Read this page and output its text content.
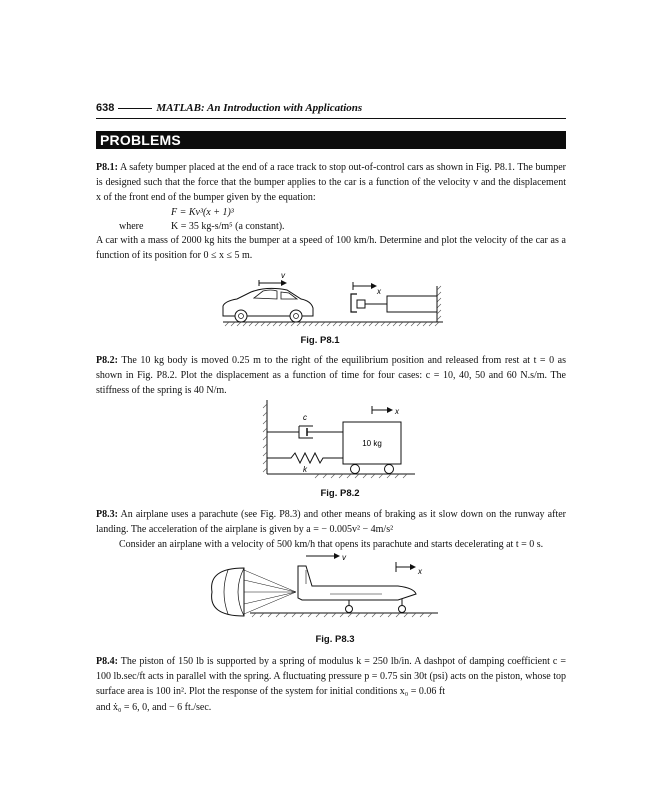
638	MATLAB: An Introduction with Applications
PROBLEMS
P8.1: A safety bumper placed at the end of a race track to stop out-of-control cars as shown in Fig. P8.1. The bumper is designed such that the force that the bumper applies to the car is a function of the velocity v and the displacement x of the front end of the bumper given by the equation:
F = Kv³(x + 1)³
where	K = 35 kg-s/m⁵ (a constant).
A car with a mass of 2000 kg hits the bumper at a speed of 100 km/h. Determine and plot the velocity of the car as a function of its position for 0 ≤ x ≤ 5 m.
v
x
Fig. P8.1
P8.2: The 10 kg body is moved 0.25 m to the right of the equilibrium position and released from rest at t = 0 as shown in Fig. P8.2. Plot the displacement as a function of time for four cases: c = 10, 40, 50 and 60 N.s/m. The stiffness of the spring is 40 N/m.
c
k
10 kg
x
Fig. P8.2
P8.3: An airplane uses a parachute (see Fig. P8.3) and other means of braking as it slow down on the runway after landing. The acceleration of the airplane is given by a = − 0.005v² − 4m/s²
Consider an airplane with a velocity of 500 km/h that opens its parachute and starts decelerating at t = 0 s.
v
x
Fig. P8.3
P8.4: The piston of 150 lb is supported by a spring of modulus k = 250 lb/in. A dashpot of damping coefficient c = 100 lb.sec/ft acts in parallel with the spring. A fluctuating pressure p = 0.75 sin 30t (psi) acts on the piston, whose top surface area is 100 in². Plot the response of the system for initial conditions x₀ = 0.06 ft
and ẋ₀ = 6, 0, and − 6 ft./sec.
